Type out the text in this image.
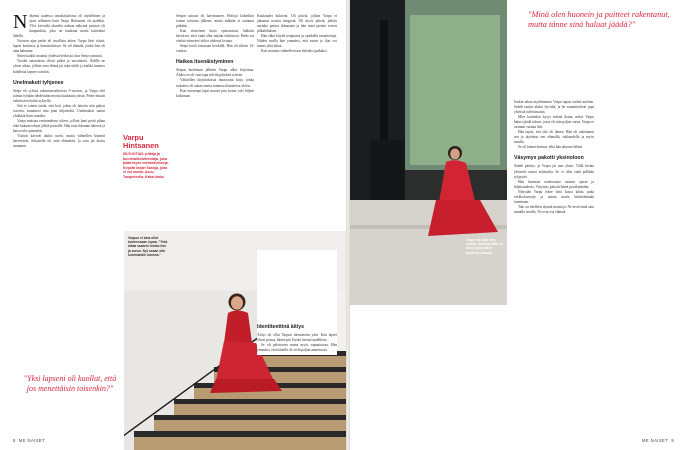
Näkymä uudessa omakotitalossa oli täydellinen ja juuri sellainen kuin Varpu Hintsanen oli ajatellut. Ylös kiviseltä alueelta aukeaa näkymä puiston yli kaupunkiin, joka on kaukana mutta kuitenkin lähellä.

Vuosien ajan perhe eli tavallista arkea. Varpu kävi töissä, lapset koulussa ja harrastuksissa. Se oli elämää, jonka hän oli aina halunnut.

Sitten kaikki muuttui yhdessä hetkessä, kun Senja sairastui.

Vuodet sairaalassa olivat pitkiä ja uuvuttavia. Äidille ne olivat aikaa, jolloin oma elämä jäi taka-alalle ja kaikki huomio kohdistui lapsen vointiin.

Unelmakoti tyhjenee

Senja oli sylissä rakennusvaiheessa 9-vuotias, ja Varpu ehti toimia työtään tehdessään monta kuukautta yksin. Perhe muutti valmiiseen kotiin syksyllä.

Sitä ei voinut tietää, että koti, johon oli laitettu niin paljon toiveita, muuttuisi niin pian hiljaiseksi. Unelmakoti tuntui yhtäkkiä liian suurelta.

Varpu muistaa ensimmäisen talven, jolloin lumi peitti pihan eikä kukaan tehnyt jälkiä portaille. Hän istui ikkunan ääressä ja katsoi ulos pimeään.

Ystävät kävivät aluksi usein, mutta vähitellen käynnit harvenivat. Jokaisella oli oma elämänsä, ja suru jäi kotiin asumaan.

"Yksi lapseni oli kuollut, että jos menettäisin toisenkin?"
Varpu
Hintsanen
65-VUOTIAS yrittäjä ja tunnetaitovalmentaja, joka pitää myös verkkokursseja. Kirjoitti kirjan Sanoja, joita ei voi sanoa. Asuu Tampereella. Kaksi lasta.

Senjan sairaus oli harvinainen. Hoitoja kokeiltiin toinen toisensa jälkeen, mutta mikään ei auttanut pitkään.

Kun viimeinen hoito epäonnistui, lääkärit kertoivat, ettei enää ollut mitään tehtävissä. Perhe sai viettää viimeiset viikot yhdessä kotona.

Senja kuoli kotonaan keväällä. Hän oli silloin 14-vuotias.

Haikea itsenäistyminen

Senjan kuoleman jälkeen Varpu alkoi kirjoittaa. Aluksi se oli vain tapa selvitä päivästä toiseen.

Vähitellen kirjoituksista muotoutui kirja, jonka tarkoitus oli auttaa muita samassa tilanteessa olevia.

Kun nuorempi lapsi muutti pois kotoa, talo hiljeni kokonaan.

Varpun ei aina ollut tunteessaan lupaa. "Yhtä aikaa saatoin tuntea ilon ja surun. Nyt osaan olla kummankin kanssa."

Kuukaudet kuluivat. Oli päiviä, jolloin Varpu ei jaksanut nousta sängystä. Oli myös päiviä, jolloin aurinko paistoi ikkunasta ja hän tunsi pienen toivon pilkahduksen.

Hän alkoi käydä terapiassa ja opiskella tunnetaitoja. Niiden avulla hän ymmärsi, että surun ja ilon voi tuntea yhtä aikaa.

Koti muuttui vähitellen taas eläväksi paikaksi.

Identiteettinä äitiys

Äitiys oli ollut Varpun identiteetin ydin. Kun lapset olivat poissa, hänen piti löytää itsensä uudelleen.

Se oli pelottavaa mutta myös vapauttavaa. Hän ymmärsi, että hänellä oli vielä paljon annettavaa.

8 ME NAISET
Varpu on ollut aina sinkku. Sisäköyhälle on ollut myös tullen puolison kanssa.
"Minä olen huonein ja puitteet rakentanut, mutta tänne sinä haluat jäädä?"

Jonkin aikaa myöhemmin Varpu tapasi uuden miehen. Suhde tuntui aluksi hyvältä, ja he suunnittelivat jopa yhteistä tulevaisuutta.

Mies kuitenkin kysyi eräänä iltana, miksi Varpu halusi jäädä taloon, jossa oli niin paljon surua. Varpu ei osannut vastata heti.

Hän tajusi, että talo oli hänen. Hän oli rakentanut sen ja täyttänyt sen elämällä, rakkaudella ja myös surulla.

Se oli hänen kotinsa, eikä hän aikonut lähteä.

Väsymys pakotti yksinoloon

Suhde päättyi, ja Varpu jäi taas yksin. Tällä kertaa yksinolo tuntui erilaiselta. Se ei ollut enää pelkkää tyhjyyttä.

Hän huomasi nauttivansa omasta ajasta ja hiljaisuudesta. Väsymys pakotti hänet pysähtymään.

Nykyään Varpu tekee töitä kotoa käsin, pitää verkkokursseja ja auttaa muita käsittelemään tunteitaan.

Talo on edelleen täynnä muistoja. Ne eivät enää satu samalla tavalla. Ne ovat osa elämää.

ME NAISET 9
